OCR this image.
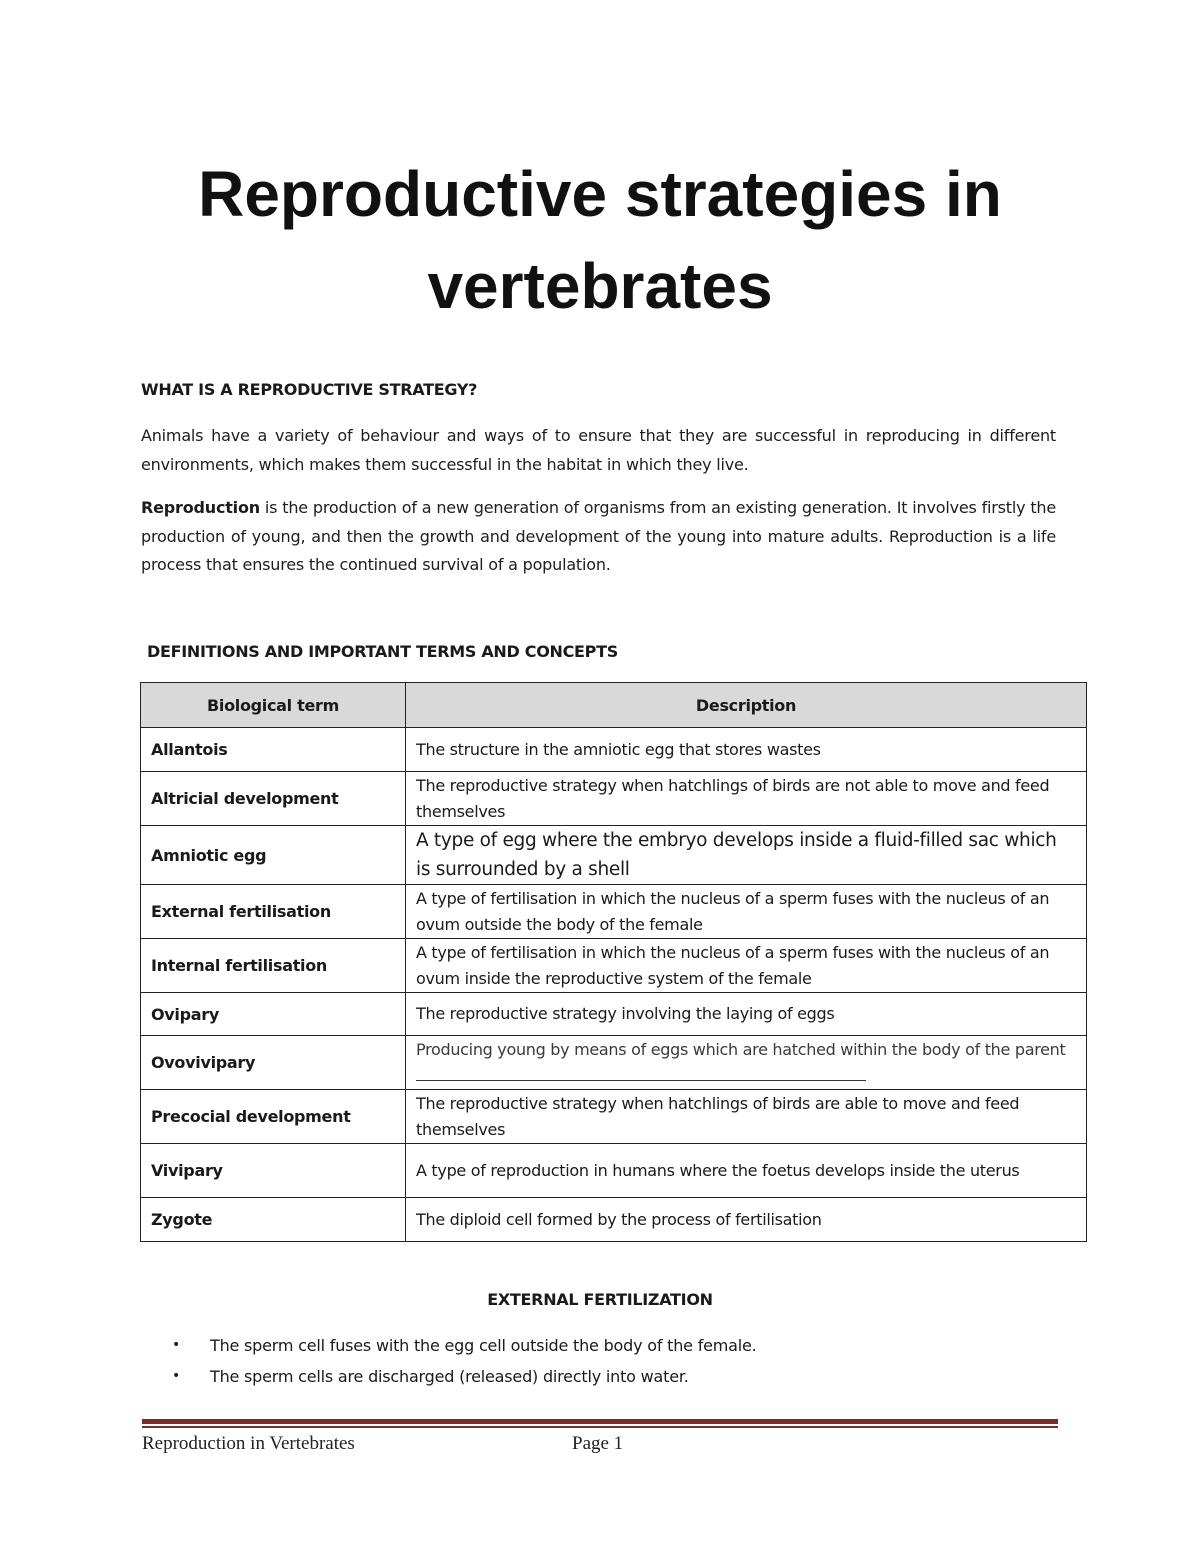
Reproductive strategies in
vertebrates
WHAT IS A REPRODUCTIVE STRATEGY?

Animals have a variety of behaviour and ways of to ensure that they are successful in reproducing in different environments, which makes them successful in the habitat in which they live.

Reproduction is the production of a new generation of organisms from an existing generation. It involves firstly the production of young, and then the growth and development of the young into mature adults. Reproduction is a life process that ensures the continued survival of a population.

DEFINITIONS AND IMPORTANT TERMS AND CONCEPTS
Biological term	Description
Allantois	The structure in the amniotic egg that stores wastes
Altricial development	The reproductive strategy when hatchlings of birds are not able to move and feed themselves
Amniotic egg	A type of egg where the embryo develops inside a fluid-filled sac which is surrounded by a shell
External fertilisation	A type of fertilisation in which the nucleus of a sperm fuses with the nucleus of an ovum outside the body of the female
Internal fertilisation	A type of fertilisation in which the nucleus of a sperm fuses with the nucleus of an ovum inside the reproductive system of the female
Ovipary	The reproductive strategy involving the laying of eggs
Ovovivipary	Producing young by means of eggs which are hatched within the body of the parent
Precocial development	The reproductive strategy when hatchlings of birds are able to move and feed themselves
Vivipary	A type of reproduction in humans where the foetus develops inside the uterus
Zygote	The diploid cell formed by the process of fertilisation
EXTERNAL FERTILIZATION
• The sperm cell fuses with the egg cell outside the body of the female.
• The sperm cells are discharged (released) directly into water.

Reproduction in Vertebrates	Page 1
